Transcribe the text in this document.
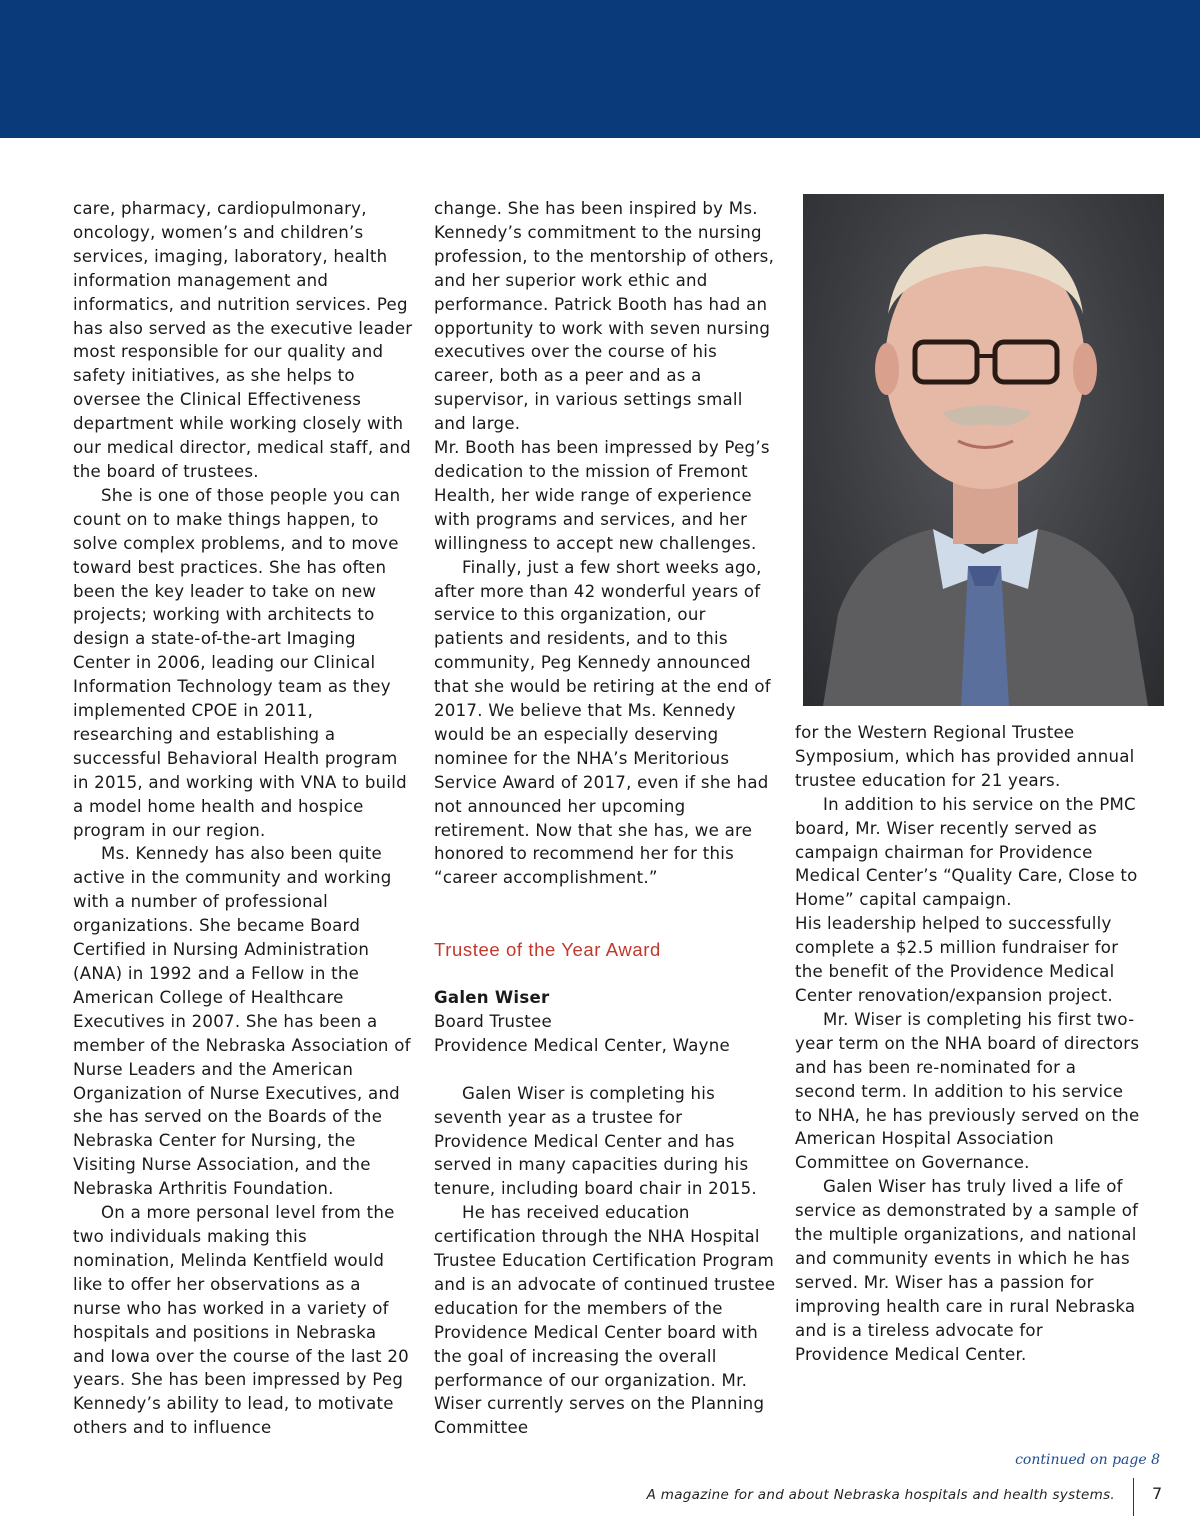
care, pharmacy, cardiopulmonary, oncology, women’s and children’s services, imaging, laboratory, health information management and informatics, and nutrition services. Peg has also served as the executive leader most responsible for our quality and safety initiatives, as she helps to oversee the Clinical Effectiveness department while working closely with our medical director, medical staff, and the board of trustees.

She is one of those people you can count on to make things happen, to solve complex problems, and to move toward best practices. She has often been the key leader to take on new projects; working with architects to design a state-of-the-art Imaging Center in 2006, leading our Clinical Information Technology team as they implemented CPOE in 2011, researching and establishing a successful Behavioral Health program in 2015, and working with VNA to build a model home health and hospice program in our region.

Ms. Kennedy has also been quite active in the community and working with a number of professional organizations. She became Board Certified in Nursing Administration (ANA) in 1992 and a Fellow in the American College of Healthcare Executives in 2007. She has been a member of the Nebraska Association of Nurse Leaders and the American Organization of Nurse Executives, and she has served on the Boards of the Nebraska Center for Nursing, the Visiting Nurse Association, and the Nebraska Arthritis Foundation.

On a more personal level from the two individuals making this nomination, Melinda Kentfield would like to offer her observations as a nurse who has worked in a variety of hospitals and positions in Nebraska and Iowa over the course of the last 20 years. She has been impressed by Peg Kennedy’s ability to lead, to motivate others and to influence

change. She has been inspired by Ms. Kennedy’s commitment to the nursing profession, to the mentorship of others, and her superior work ethic and performance. Patrick Booth has had an opportunity to work with seven nursing executives over the course of his career, both as a peer and as a supervisor, in various settings small and large.

Mr. Booth has been impressed by Peg’s dedication to the mission of Fremont Health, her wide range of experience with programs and services, and her willingness to accept new challenges.

Finally, just a few short weeks ago, after more than 42 wonderful years of service to this organization, our patients and residents, and to this community, Peg Kennedy announced that she would be retiring at the end of 2017. We believe that Ms. Kennedy would be an especially deserving nominee for the NHA’s Meritorious Service Award of 2017, even if she had not announced her upcoming retirement. Now that she has, we are honored to recommend her for this “career accomplishment.”

Trustee of the Year Award

Galen Wiser

Board Trustee

Providence Medical Center, Wayne

Galen Wiser is completing his seventh year as a trustee for Providence Medical Center and has served in many capacities during his tenure, including board chair in 2015.

He has received education certification through the NHA Hospital Trustee Education Certification Program and is an advocate of continued trustee education for the members of the Providence Medical Center board with the goal of increasing the overall performance of our organization. Mr. Wiser currently serves on the Planning Committee

for the Western Regional Trustee Symposium, which has provided annual trustee education for 21 years.

In addition to his service on the PMC board, Mr. Wiser recently served as campaign chairman for Providence Medical Center’s “Quality Care, Close to Home” capital campaign.

His leadership helped to successfully complete a $2.5 million fundraiser for the benefit of the Providence Medical Center renovation/expansion project.

Mr. Wiser is completing his first two-year term on the NHA board of directors and has been re-nominated for a second term. In addition to his service to NHA, he has previously served on the American Hospital Association Committee on Governance.

Galen Wiser has truly lived a life of service as demonstrated by a sample of the multiple organizations, and national and community events in which he has served. Mr. Wiser has a passion for improving health care in rural Nebraska and is a tireless advocate for Providence Medical Center.

continued on page 8
A magazine for and about Nebraska hospitals and health systems. 7
